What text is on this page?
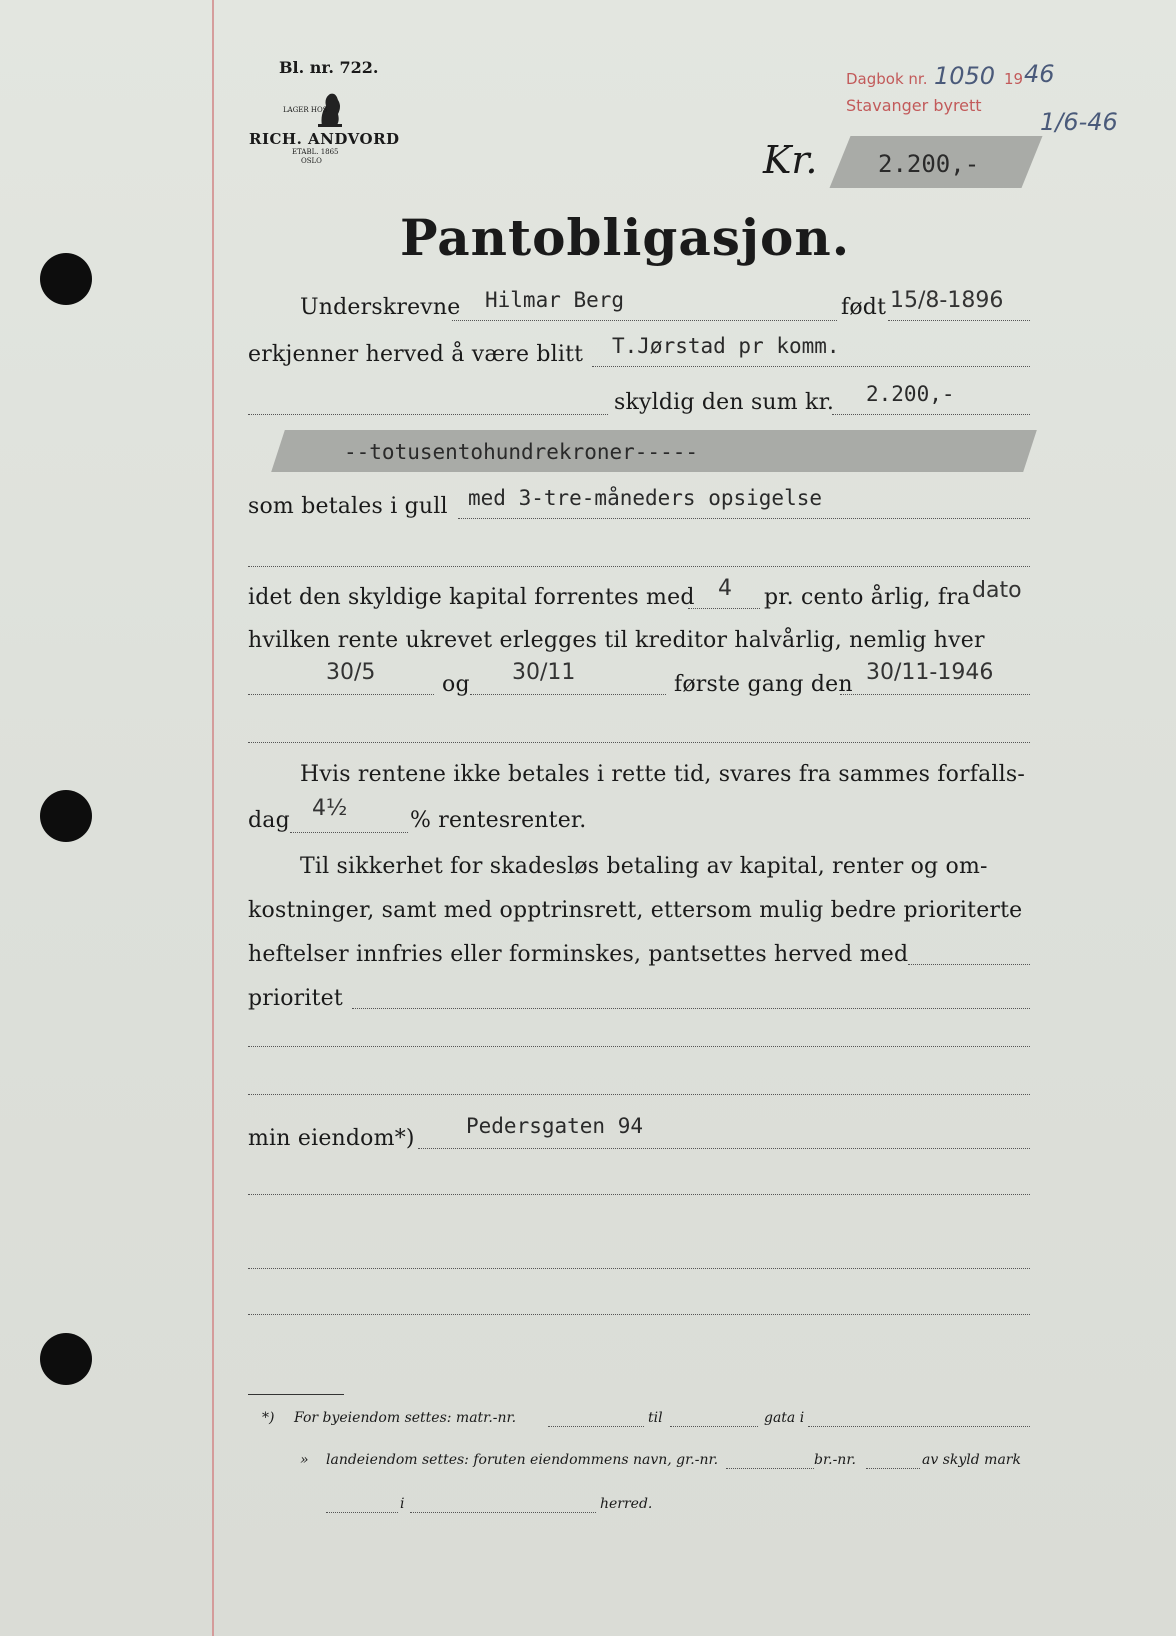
Bl. nr. 722.
LAGER HOS
RICH. ANDVORD
ETABL. 1865
OSLO
Dagbok nr. 1050 19 46
Stavanger byrett
1/6-46
Kr.	2.200,-
Pantobligasjon.
Underskrevne Hilmar Berg	født 15/8-1896
erkjenner herved å være blitt T.Jørstad pr komm.
skyldig den sum kr. 2.200,-
--totusentohundrekroner-----
som betales i gull med 3-tre-måneders opsigelse
idet den skyldige kapital forrentes med 4 pr. cento årlig, fra dato
hvilken rente ukrevet erlegges til kreditor halvårlig, nemlig hver
30/5	og 30/11	første gang den 30/11-1946
Hvis rentene ikke betales i rette tid, svares fra sammes forfalls-
dag 4½	% rentesrenter.
Til sikkerhet for skadesløs betaling av kapital, renter og om-
kostninger, samt med opptrinsrett, ettersom mulig bedre prioriterte
heftelser innfries eller forminskes, pantsettes herved med
prioritet
min eiendom*) Pedersgaten 94
*) For byeiendom settes: matr.-nr.	til	gata i
» landeiendom settes: foruten eiendommens navn, gr.-nr.	br.-nr.	av skyld mark
i	herred.
